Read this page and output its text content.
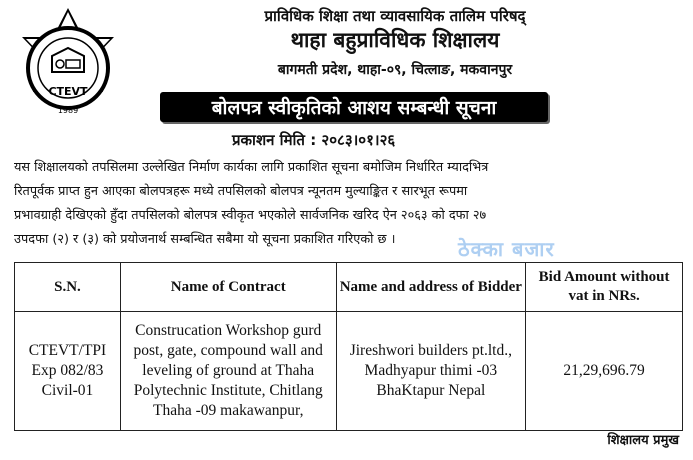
CTEVT
1989
प्राविधिक शिक्षा तथा व्यावसायिक तालिम परिषद्
थाहा बहुप्राविधिक शिक्षालय
बागमती प्रदेश, थाहा-०९, चित्लाङ, मकवानपुर
बोलपत्र स्वीकृतिको आशय सम्बन्धी सूचना
प्रकाशन मिति : २०८३।०१।२६
यस शिक्षालयको तपसिलमा उल्लेखित निर्माण कार्यका लागि प्रकाशित सूचना बमोजिम निर्धारित म्यादभित्र
रितपूर्वक प्राप्त हुन आएका बोलपत्रहरू मध्ये तपसिलको बोलपत्र न्यूनतम मुल्याङ्कित र सारभूत रूपमा
प्रभावग्राही देखिएको हुँदा तपसिलको बोलपत्र स्वीकृत भएकोले सार्वजनिक खरिद ऐन २०६३ को दफा २७
उपदफा (२) र (३) को प्रयोजनार्थ सम्बन्धित सबैमा यो सूचना प्रकाशित गरिएको छ ।	ठेक्का बजार
S.N.	Name of Contract	Name and address of Bidder	Bid Amount without vat in NRs.
CTEVT/TPI Exp 082/83 Civil-01	Construcation Workshop gurd post, gate, compound wall and leveling of ground at Thaha Polytechnic Institute, Chitlang Thaha -09 makawanpur,	Jireshwori builders pt.ltd., Madhyapur thimi -03 BhaKtapur Nepal	21,29,696.79
शिक्षालय प्रमुख
